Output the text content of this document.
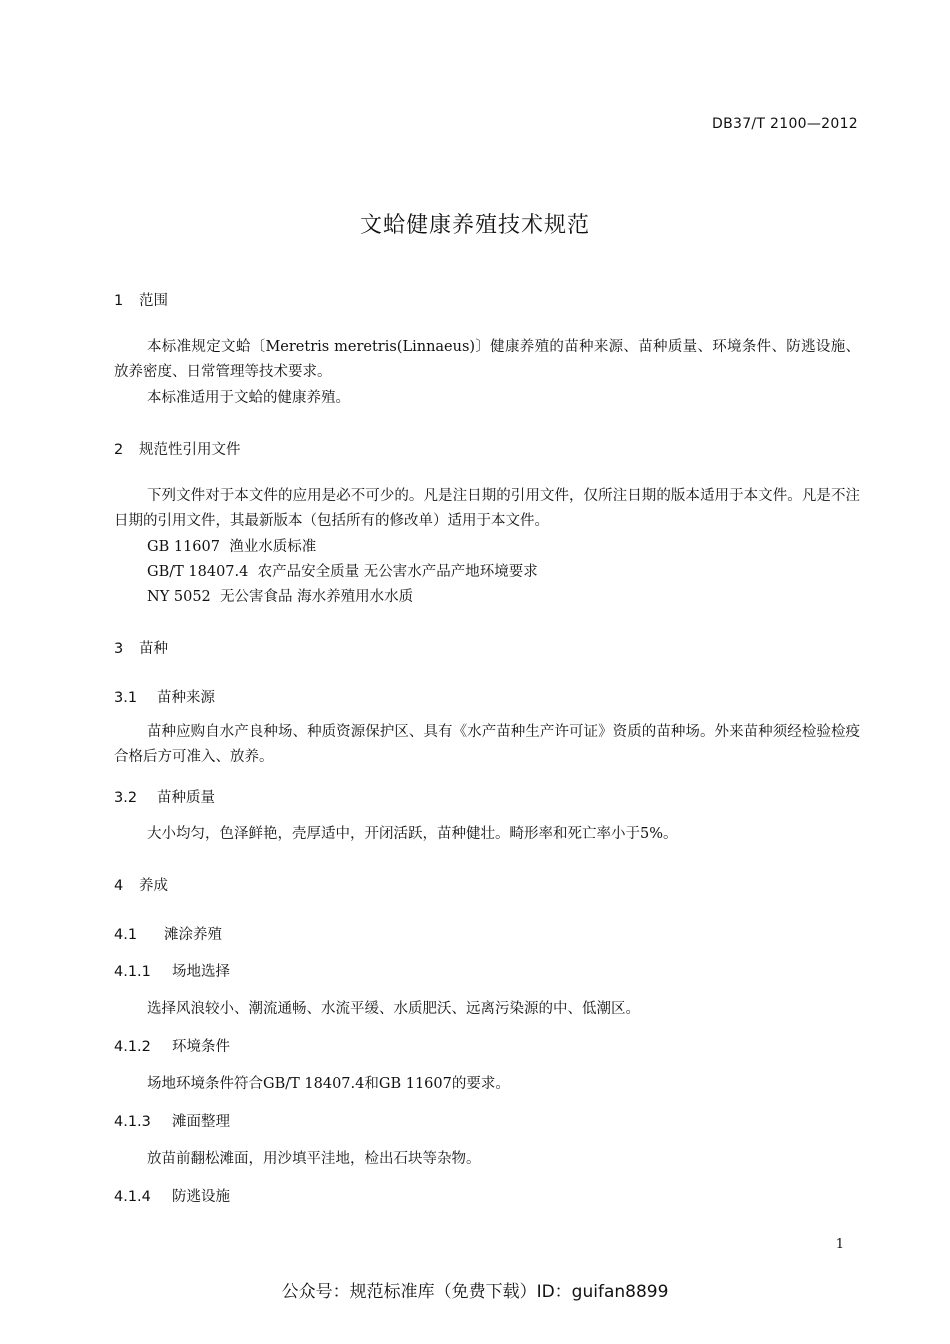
DB37/T 2100—2012
文蛤健康养殖技术规范
1 范围
本标准规定文蛤〔Meretris meretris(Linnaeus)〕健康养殖的苗种来源、苗种质量、环境条件、防逃设施、放养密度、日常管理等技术要求。
本标准适用于文蛤的健康养殖。
2 规范性引用文件
下列文件对于本文件的应用是必不可少的。凡是注日期的引用文件，仅所注日期的版本适用于本文件。凡是不注日期的引用文件，其最新版本（包括所有的修改单）适用于本文件。
GB 11607  渔业水质标准
GB/T 18407.4  农产品安全质量 无公害水产品产地环境要求
NY 5052  无公害食品 海水养殖用水水质
3 苗种
3.1 苗种来源
苗种应购自水产良种场、种质资源保护区、具有《水产苗种生产许可证》资质的苗种场。外来苗种须经检验检疫合格后方可准入、放养。
3.2 苗种质量
大小均匀，色泽鲜艳，壳厚适中，开闭活跃，苗种健壮。畸形率和死亡率小于5%。
4 养成
4.1 滩涂养殖
4.1.1 场地选择
选择风浪较小、潮流通畅、水流平缓、水质肥沃、远离污染源的中、低潮区。
4.1.2 环境条件
场地环境条件符合GB/T 18407.4和GB 11607的要求。
4.1.3 滩面整理
放苗前翻松滩面，用沙填平洼地，检出石块等杂物。
4.1.4 防逃设施
1
公众号：规范标准库（免费下载）ID：guifan8899
